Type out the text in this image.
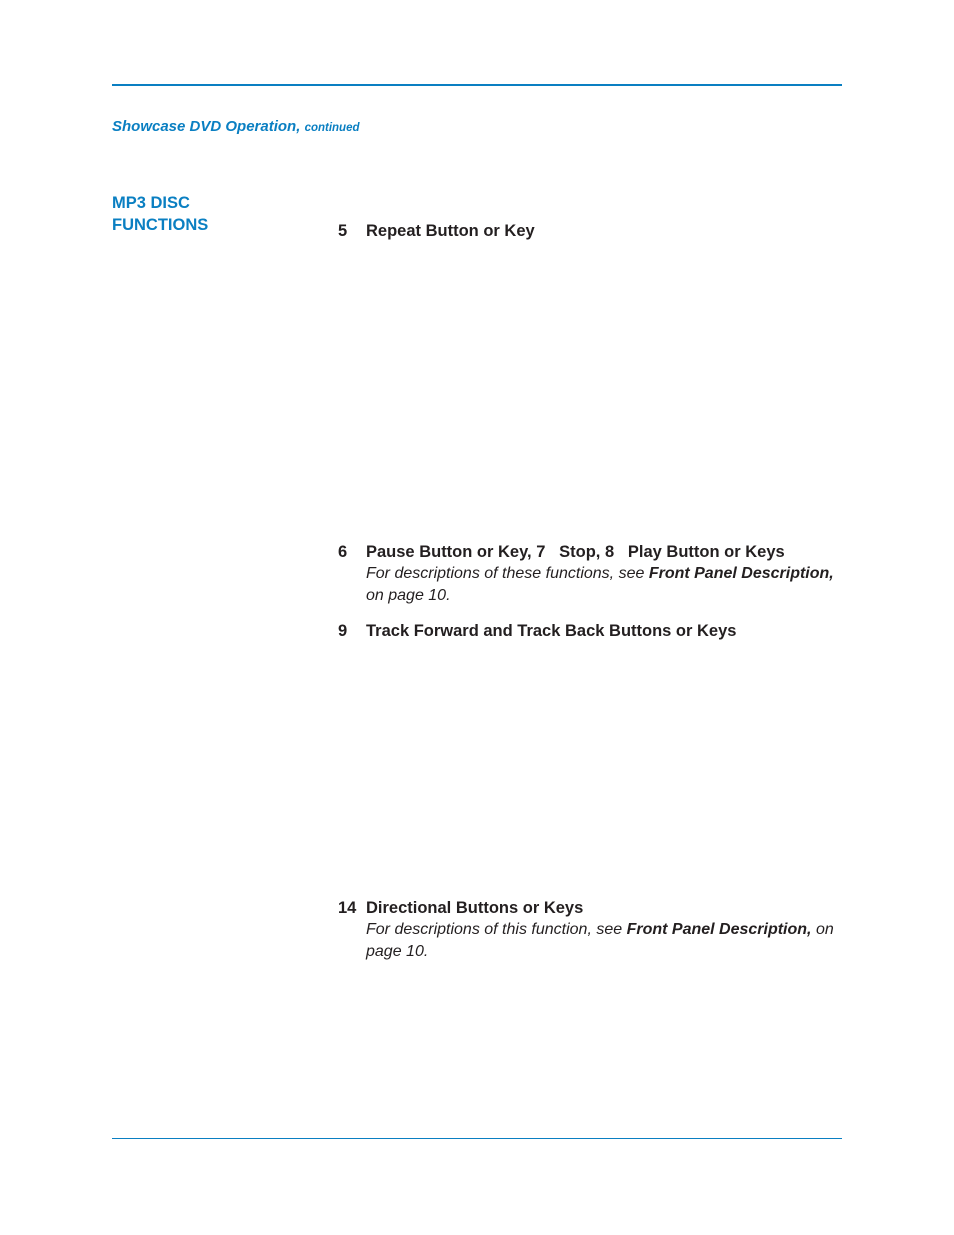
Showcase DVD Operation, continued
MP3 DISC
FUNCTIONS	5 Repeat Button or Key
6 Pause Button or Key, 7   Stop, 8   Play Button or Keys
For descriptions of these functions, see Front Panel Description, on page 10.
9 Track Forward and Track Back Buttons or Keys
14 Directional Buttons or Keys
For descriptions of this function, see Front Panel Description, on page 10.
